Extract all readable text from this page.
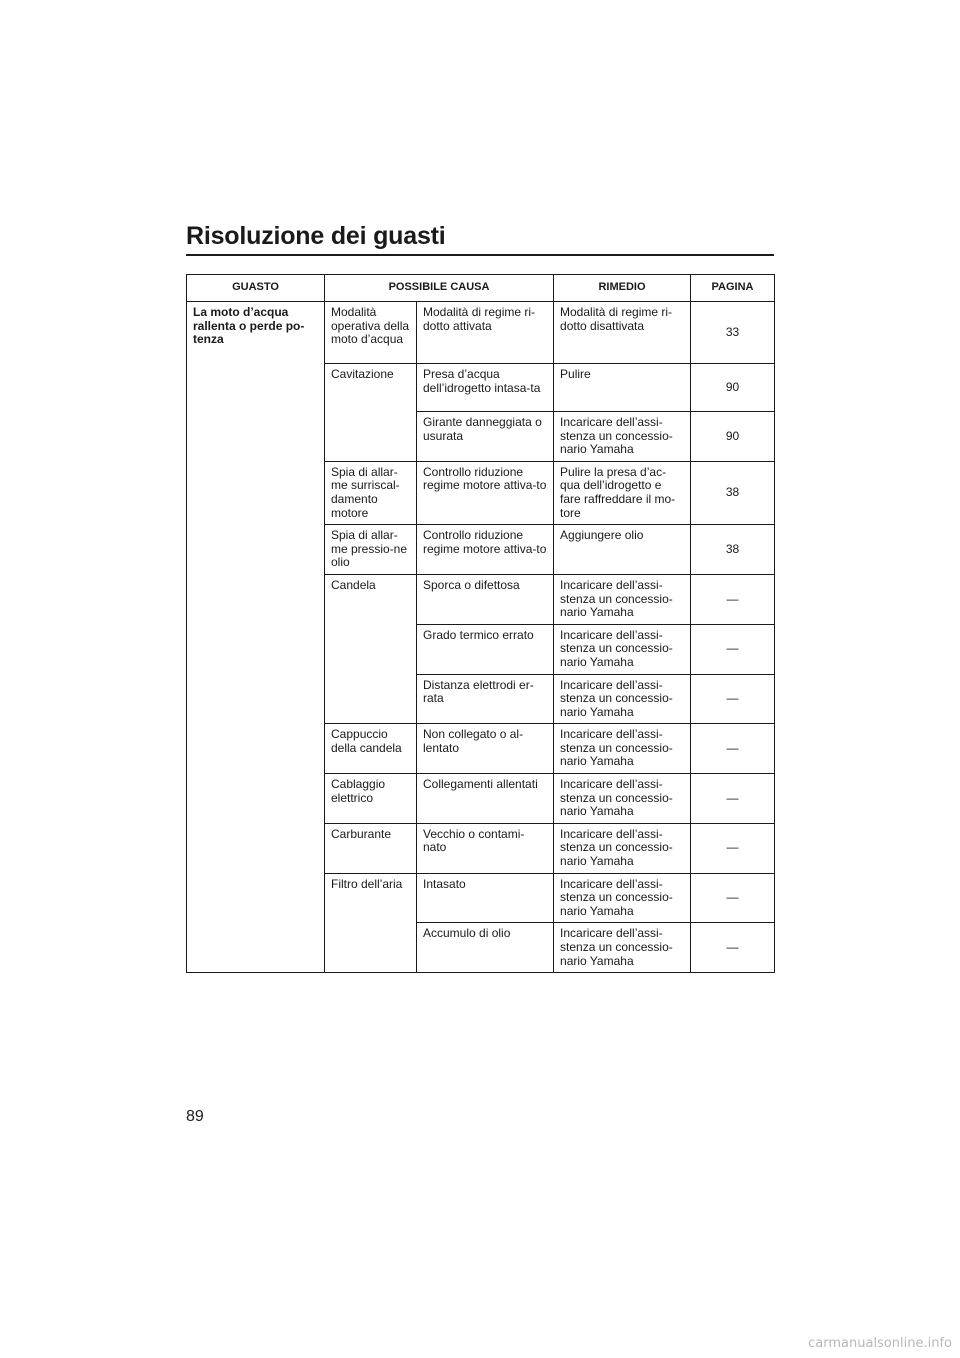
Risoluzione dei guasti
GUASTO	POSSIBILE CAUSA		RIMEDIO	PAGINA
La moto d’acqua rallenta o perde po-tenza	Modalità operativa della moto d’acqua	Modalità di regime ri-dotto attivata	Modalità di regime ri-dotto disattivata	33
	Cavitazione	Presa d’acqua dell’idrogetto intasa-ta	Pulire	90
		Girante danneggiata o usurata	Incaricare dell’assi-stenza un concessio-nario Yamaha	90
	Spia di allar-me surriscal-damento motore	Controllo riduzione regime motore attiva-to	Pulire la presa d’ac-qua dell’idrogetto e fare raffreddare il mo-tore	38
	Spia di allar-me pressio-ne olio	Controllo riduzione regime motore attiva-to	Aggiungere olio	38
	Candela	Sporca o difettosa	Incaricare dell’assi-stenza un concessio-nario Yamaha	—
		Grado termico errato	Incaricare dell’assi-stenza un concessio-nario Yamaha	—
		Distanza elettrodi er-rata	Incaricare dell’assi-stenza un concessio-nario Yamaha	—
	Cappuccio della candela	Non collegato o al-lentato	Incaricare dell’assi-stenza un concessio-nario Yamaha	—
	Cablaggio elettrico	Collegamenti allentati	Incaricare dell’assi-stenza un concessio-nario Yamaha	—
	Carburante	Vecchio o contami-nato	Incaricare dell’assi-stenza un concessio-nario Yamaha	—
	Filtro dell’aria	Intasato	Incaricare dell’assi-stenza un concessio-nario Yamaha	—
		Accumulo di olio	Incaricare dell’assi-stenza un concessio-nario Yamaha	—
89
carmanualsonline.info
